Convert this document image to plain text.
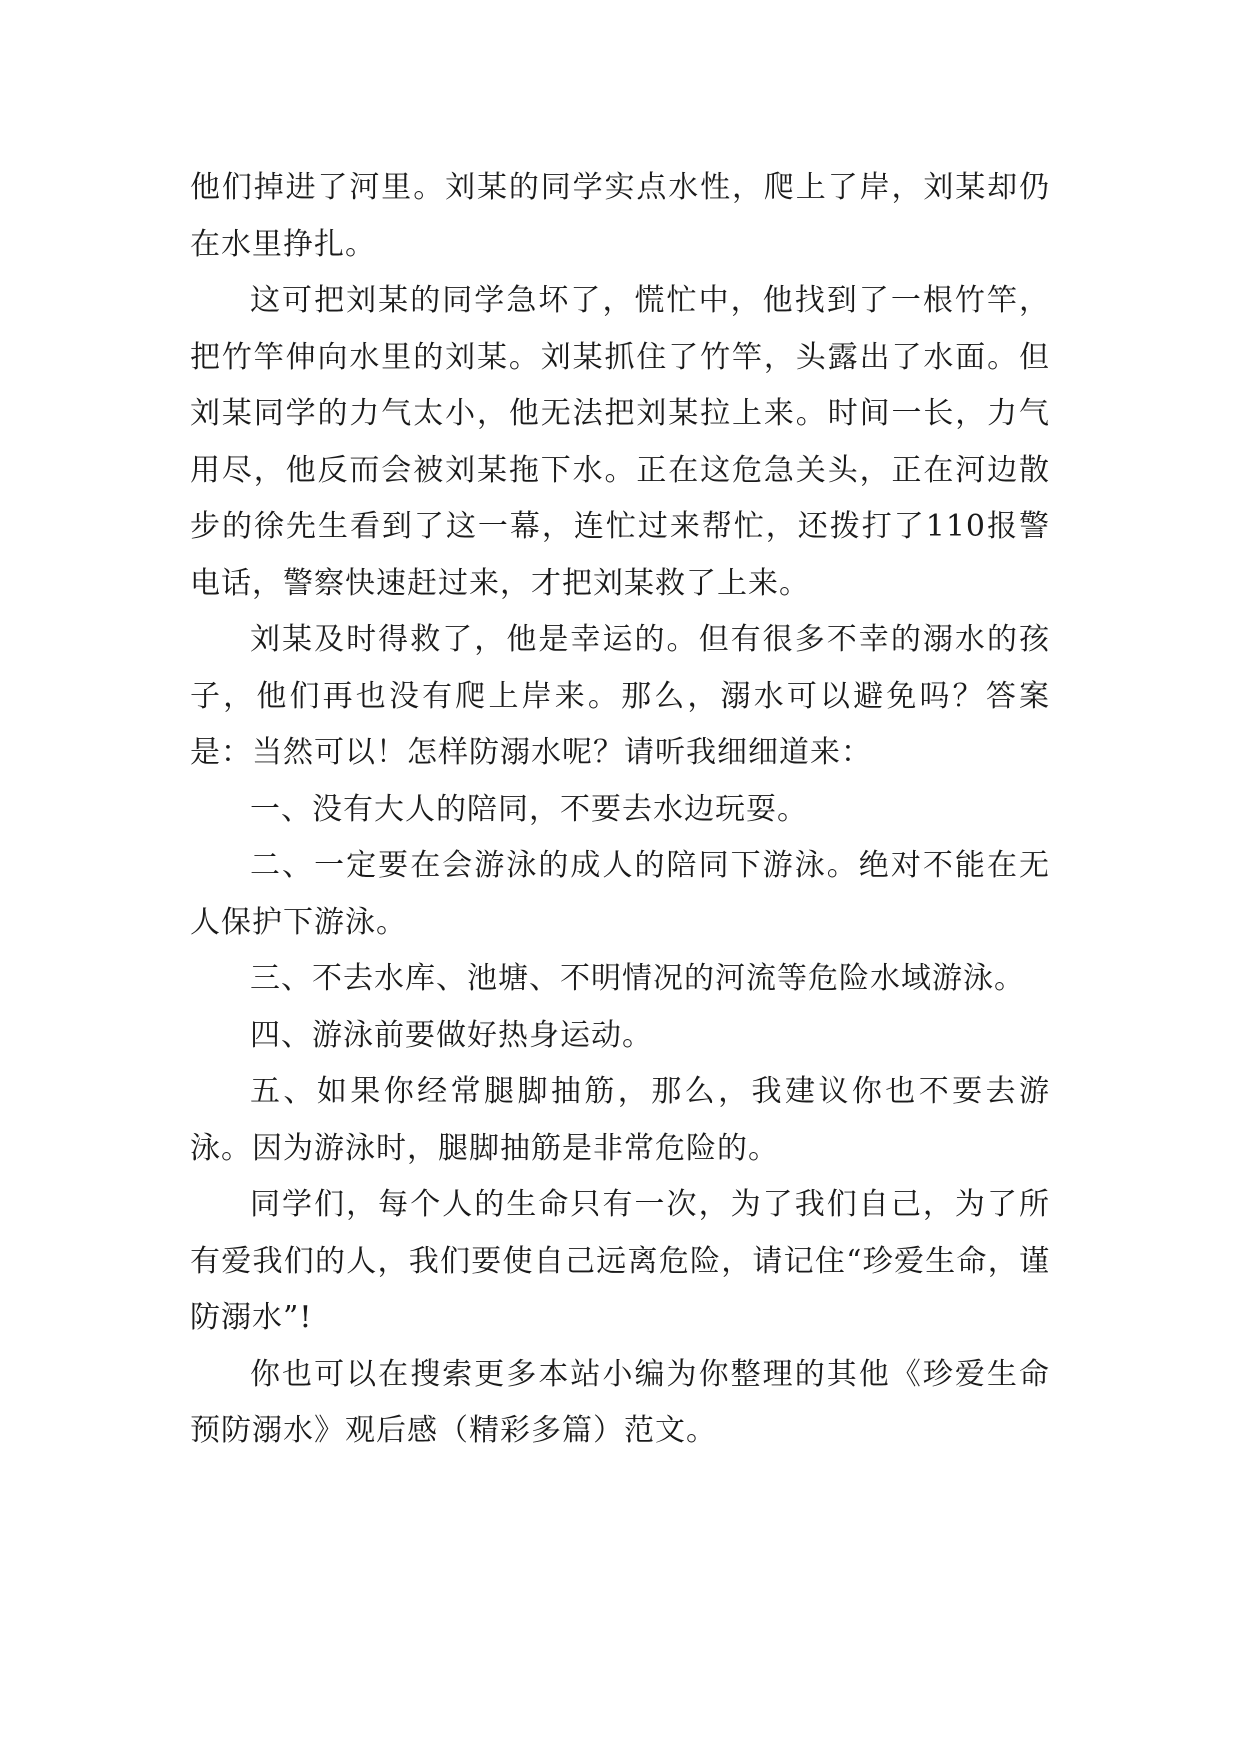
他们掉进了河里。刘某的同学实点水性，爬上了岸，刘某却仍在水里挣扎。

这可把刘某的同学急坏了，慌忙中，他找到了一根竹竿，把竹竿伸向水里的刘某。刘某抓住了竹竿，头露出了水面。但刘某同学的力气太小，他无法把刘某拉上来。时间一长，力气用尽，他反而会被刘某拖下水。正在这危急关头，正在河边散步的徐先生看到了这一幕，连忙过来帮忙，还拨打了110报警电话，警察快速赶过来，才把刘某救了上来。

刘某及时得救了，他是幸运的。但有很多不幸的溺水的孩子，他们再也没有爬上岸来。那么，溺水可以避免吗？答案是：当然可以！怎样防溺水呢？请听我细细道来：

一、没有大人的陪同，不要去水边玩耍。

二、一定要在会游泳的成人的陪同下游泳。绝对不能在无人保护下游泳。

三、不去水库、池塘、不明情况的河流等危险水域游泳。

四、游泳前要做好热身运动。

五、如果你经常腿脚抽筋，那么，我建议你也不要去游泳。因为游泳时，腿脚抽筋是非常危险的。

同学们，每个人的生命只有一次，为了我们自己，为了所有爱我们的人，我们要使自己远离危险，请记住“珍爱生命，谨防溺水”!

你也可以在搜索更多本站小编为你整理的其他《珍爱生命预防溺水》观后感（精彩多篇）范文。
